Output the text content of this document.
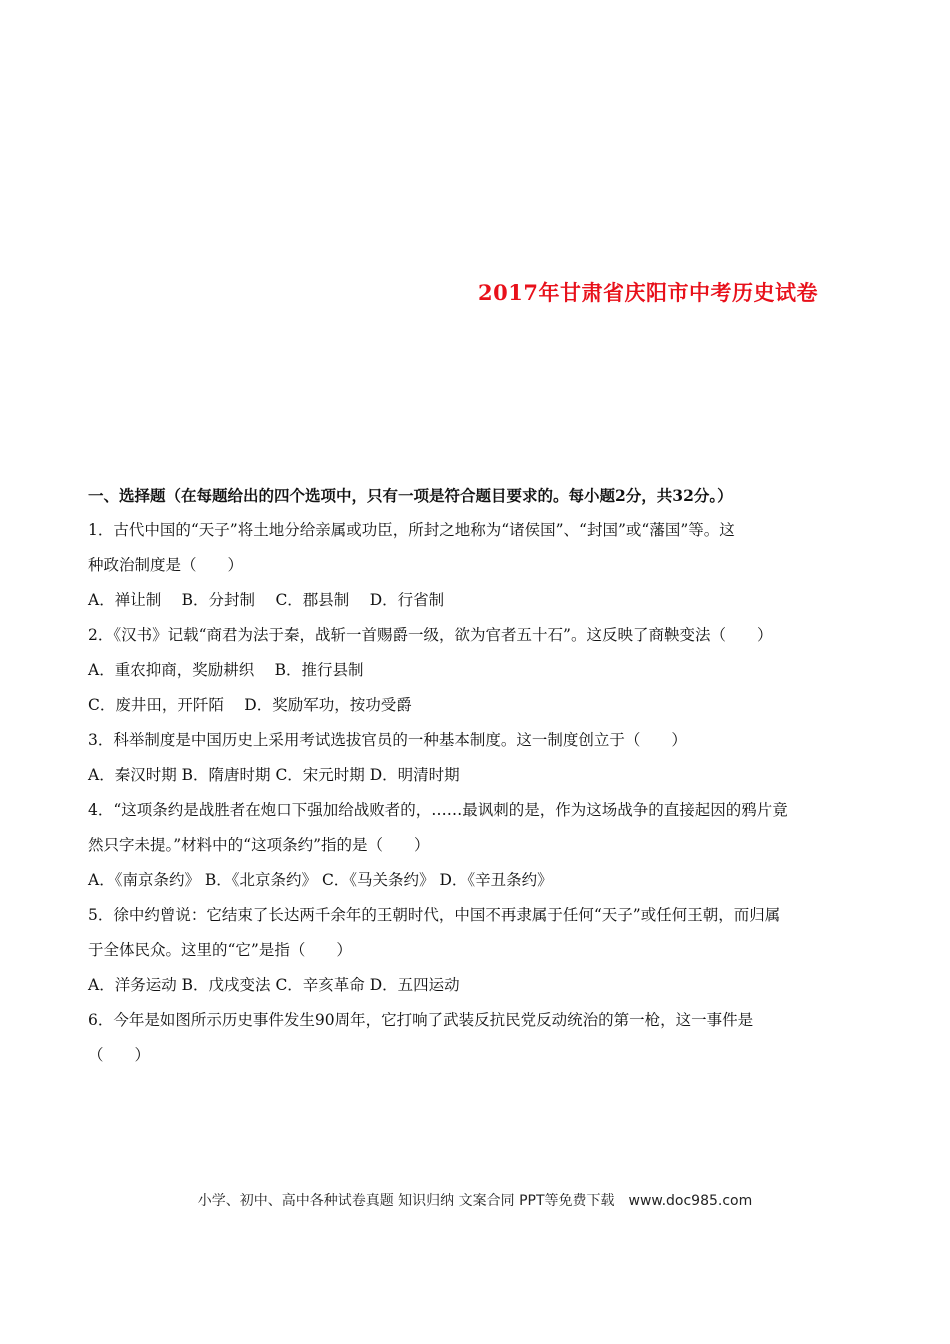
2017年甘肃省庆阳市中考历史试卷
一、选择题（在每题给出的四个选项中，只有一项是符合题目要求的。每小题2分，共32分。）
1．古代中国的“天子”将土地分给亲属或功臣，所封之地称为“诸侯国”、“封国”或“藩国”等。这
种政治制度是（　　）
A．禅让制　 B．分封制　 C．郡县制　 D．行省制
2．《汉书》记载“商君为法于秦，战斩一首赐爵一级，欲为官者五十石”。这反映了商鞅变法（　　）
A．重农抑商，奖励耕织　 B．推行县制
C．废井田，开阡陌　 D．奖励军功，按功受爵
3．科举制度是中国历史上采用考试选拔官员的一种基本制度。这一制度创立于（　　）
A．秦汉时期 B．隋唐时期 C．宋元时期 D．明清时期
4．“这项条约是战胜者在炮口下强加给战败者的，……最讽刺的是，作为这场战争的直接起因的鸦片竟
然只字未提。”材料中的“这项条约”指的是（　　）
A．《南京条约》 B．《北京条约》 C．《马关条约》 D．《辛丑条约》
5．徐中约曾说：它结束了长达两千余年的王朝时代，中国不再隶属于任何“天子”或任何王朝，而归属
于全体民众。这里的“它”是指（　　）
A．洋务运动 B．戊戌变法 C．辛亥革命 D．五四运动
6．今年是如图所示历史事件发生90周年，它打响了武装反抗民党反动统治的第一枪，这一事件是
（　　）
小学、初中、高中各种试卷真题 知识归纳 文案合同 PPT等免费下载　www.doc985.com
